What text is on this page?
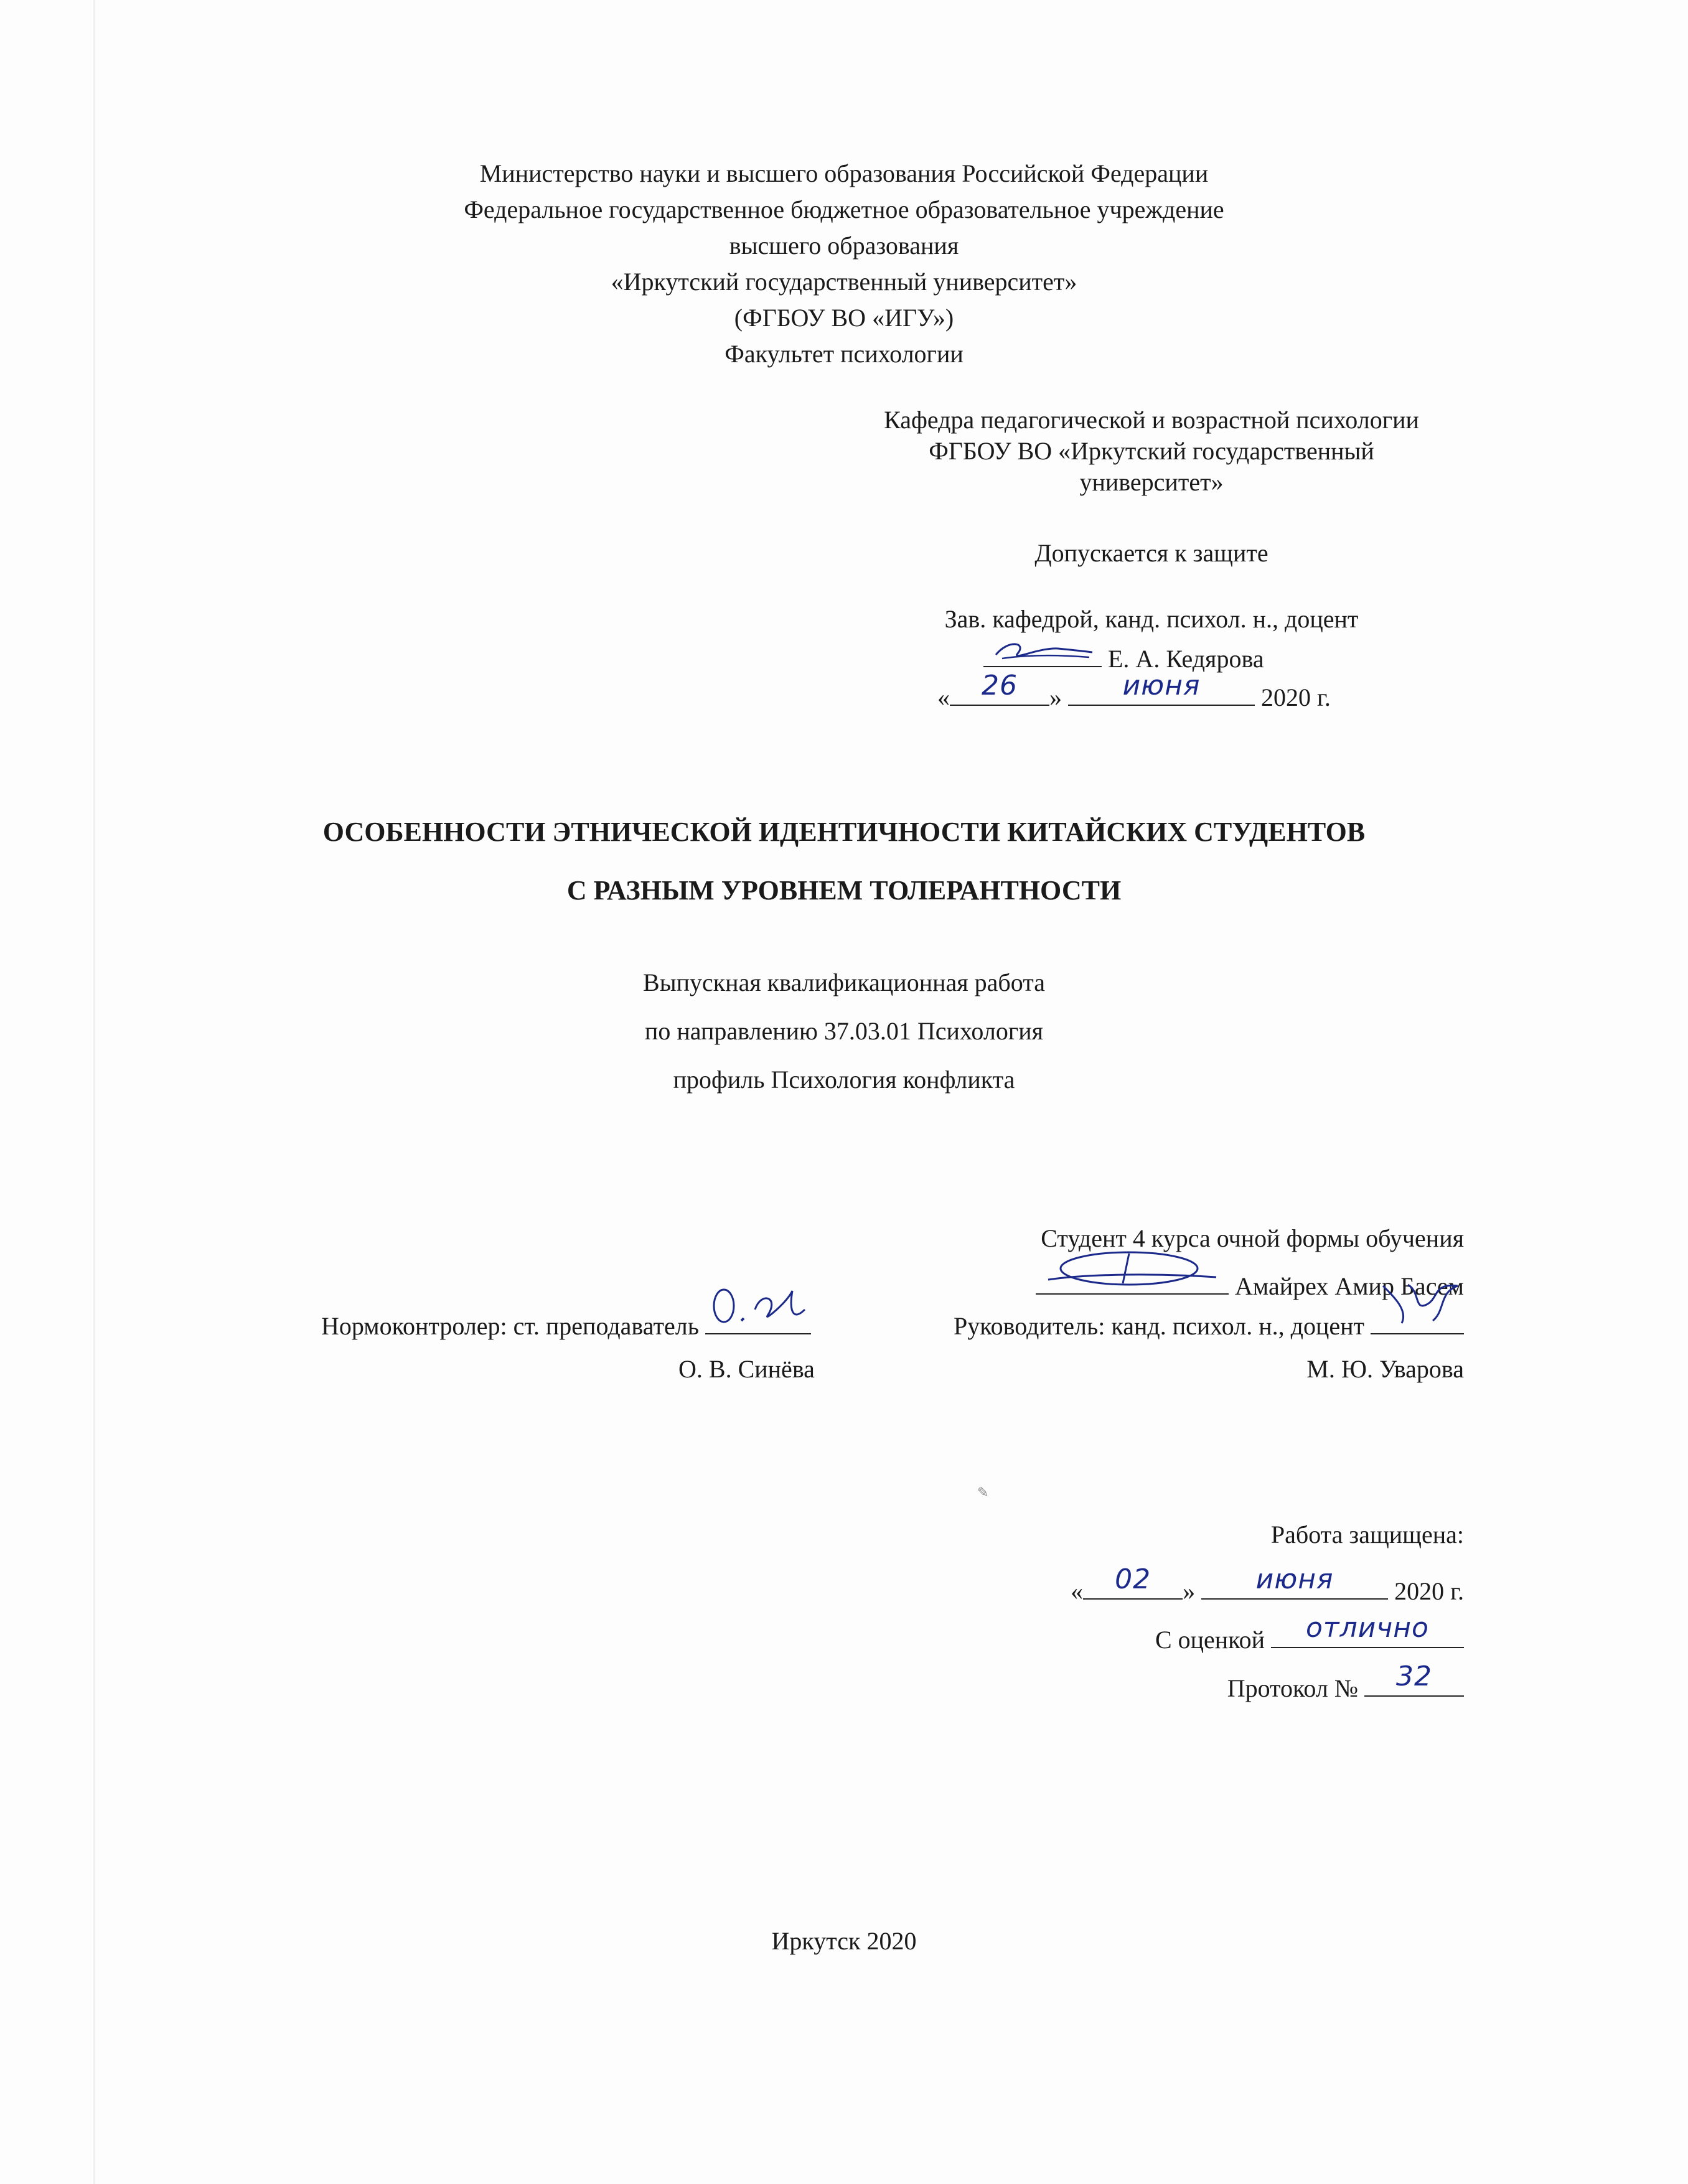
Министерство науки и высшего образования Российской Федерации
Федеральное государственное бюджетное образовательное учреждение
высшего образования
«Иркутский государственный университет»
(ФГБОУ ВО «ИГУ»)
Факультет психологии
Кафедра педагогической и возрастной психологии
ФГБОУ ВО «Иркутский государственный
университет»
Допускается к защите
Зав. кафедрой, канд. психол. н., доцент
Е. А. Кедярова
«	26	»	июня	2020 г.
ОСОБЕННОСТИ ЭТНИЧЕСКОЙ ИДЕНТИЧНОСТИ КИТАЙСКИХ СТУДЕНТОВ
С РАЗНЫМ УРОВНЕМ ТОЛЕРАНТНОСТИ
Выпускная квалификационная работа
по направлению 37.03.01 Психология
профиль Психология конфликта
Студент 4 курса очной формы обучения
Амайрех Амир Басем
Нормоконтролер: ст. преподаватель
О. В. Синёва
Руководитель: канд. психол. н., доцент
М. Ю. Уварова
✎
Работа защищена:
«	02	»	июня	2020 г.
С оценкой	отлично
Протокол №	32
Иркутск 2020
